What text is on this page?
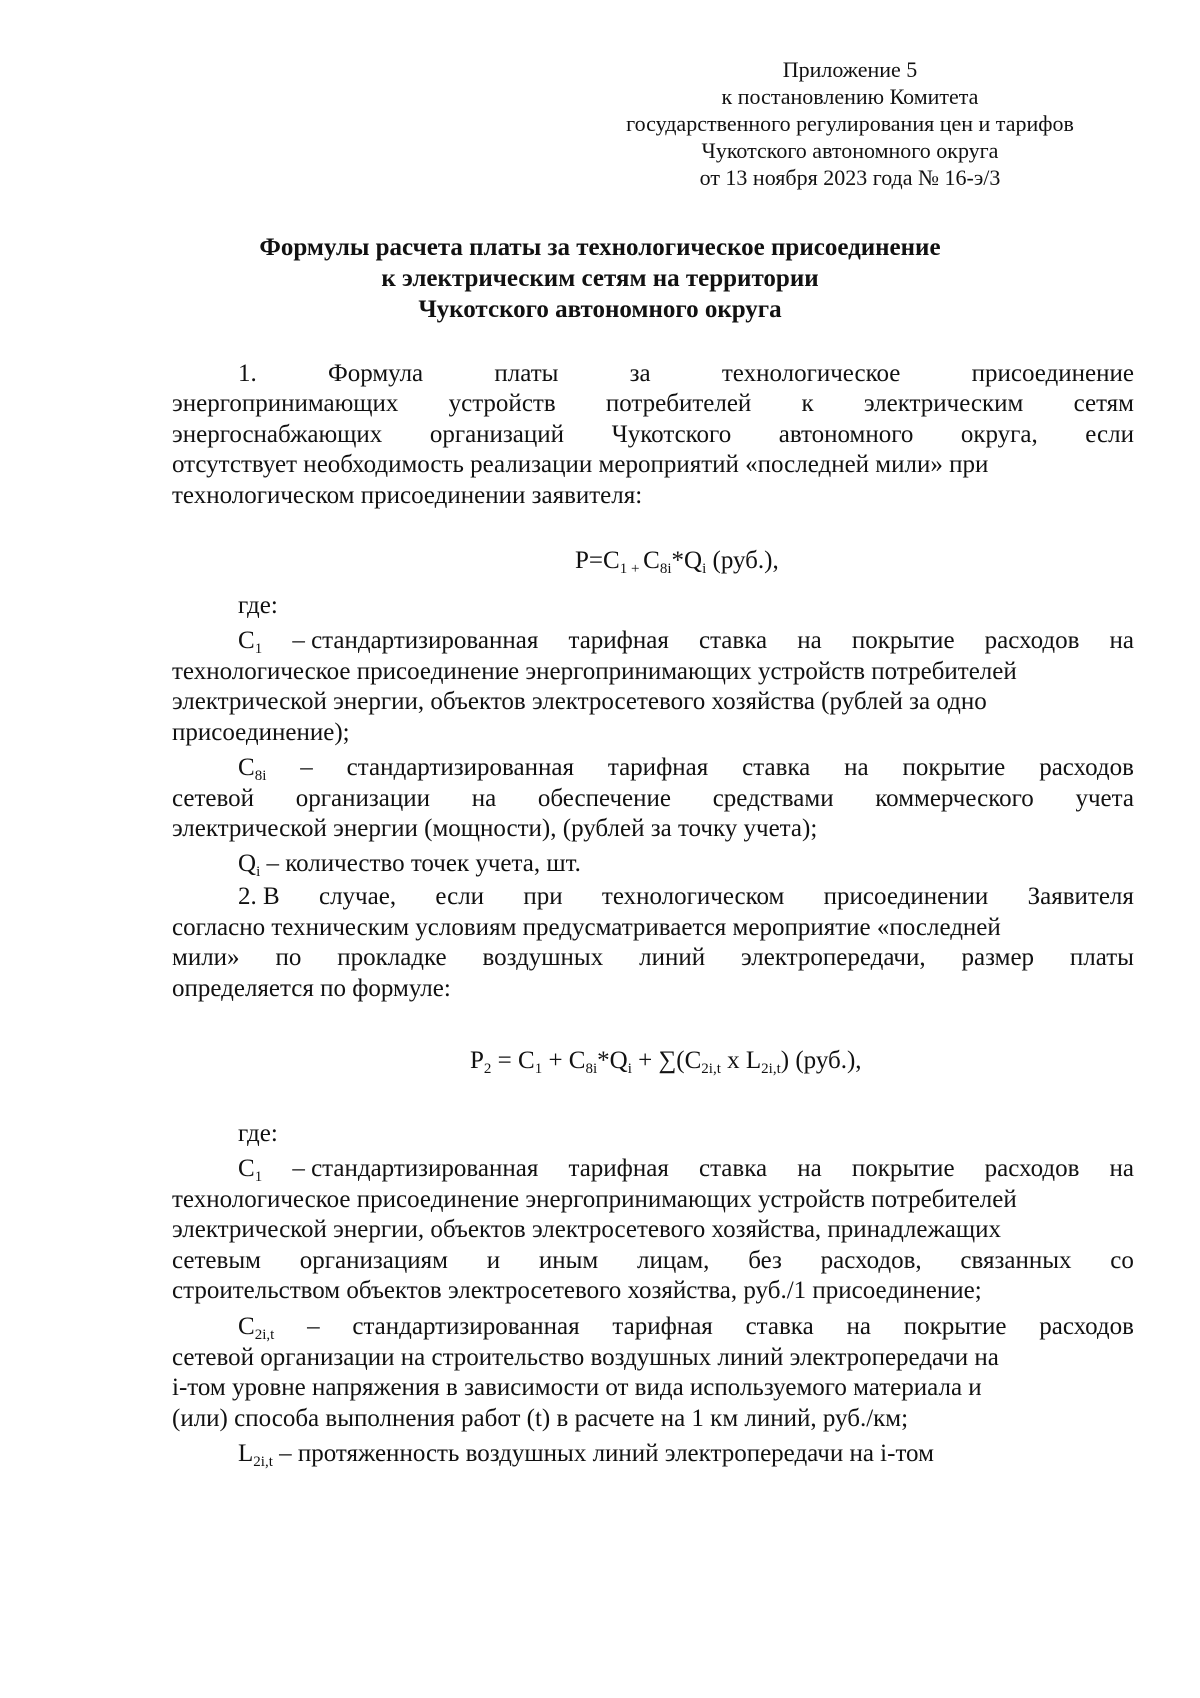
Приложение 5
к постановлению Комитета
государственного регулирования цен и тарифов
Чукотского автономного округа
от 13 ноября 2023 года № 16-э/3
Формулы расчета платы за технологическое присоединение
к электрическим сетям на территории
Чукотского автономного округа
1.	Формула	платы	за	технологическое	присоединение
энергопринимающих устройств потребителей к электрическим сетям
энергоснабжающих организаций Чукотского автономного округа, если
отсутствует необходимость реализации мероприятий «последней мили» при
технологическом присоединении заявителя:
$P=C_1$ $_+$ $C_{8i}*Q_i$ (руб.),
где:
$C_1$ – стандартизированная тарифная ставка на покрытие расходов на
технологическое присоединение энергопринимающих устройств потребителей
электрической энергии, объектов электросетевого хозяйства (рублей за одно
присоединение);
$C_{8i}$ – стандартизированная тарифная ставка на покрытие расходов
сетевой организации на обеспечение средствами коммерческого учета
электрической энергии (мощности), (рублей за точку учета);
$Q_i$ – количество точек учета, шт.
2. В случае, если при технологическом присоединении Заявителя
согласно техническим условиям предусматривается мероприятие «последней
мили» по прокладке воздушных линий электропередачи, размер платы
определяется по формуле:
$P_2 = C_1 + C_{8i}*Q_i + \sum(C_{2i,t}$ x $L_{2i,t}$) (руб.),
где:
$C_1$ – стандартизированная тарифная ставка на покрытие расходов на
технологическое присоединение энергопринимающих устройств потребителей
электрической энергии, объектов электросетевого хозяйства, принадлежащих
сетевым организациям и иным лицам, без расходов, связанных со
строительством объектов электросетевого хозяйства, руб./1 присоединение;
$C_{2i,t}$ – стандартизированная тарифная ставка на покрытие расходов
сетевой организации на строительство воздушных линий электропередачи на
i-том уровне напряжения в зависимости от вида используемого материала и
(или) способа выполнения работ (t) в расчете на 1 км линий, руб./км;
$L_{2i,t}$ – протяженность воздушных линий электропередачи на i-том
